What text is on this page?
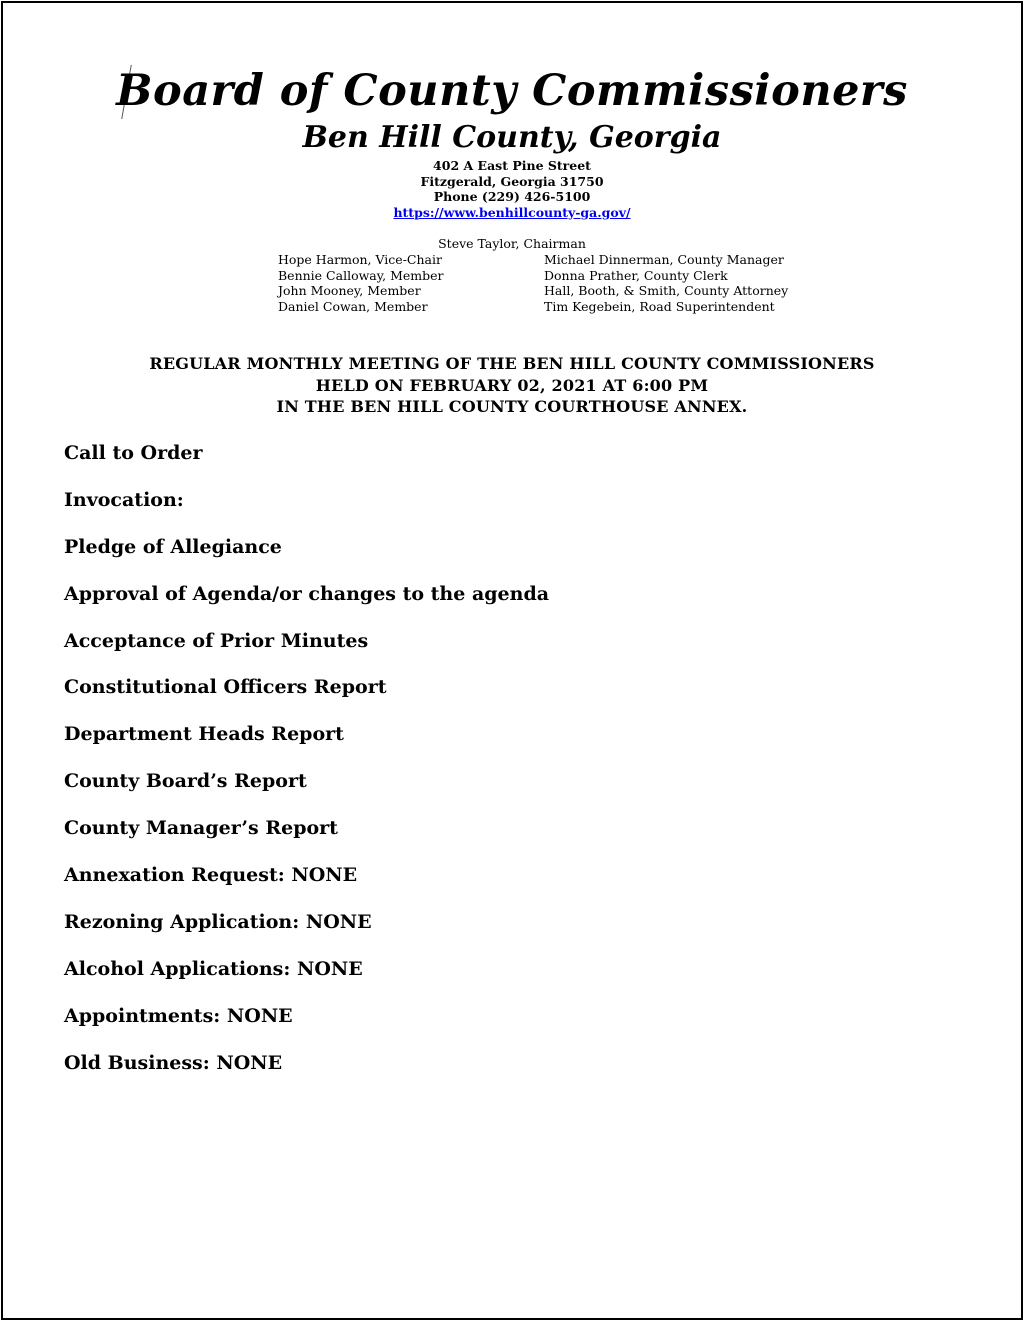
Board of County Commissioners
Ben Hill County, Georgia
402 A East Pine Street
Fitzgerald, Georgia 31750
Phone (229) 426-5100
https://www.benhillcounty-ga.gov/
Steve Taylor, Chairman
Hope Harmon, Vice-Chair
Bennie Calloway, Member
John Mooney, Member
Daniel Cowan, Member
Michael Dinnerman, County Manager
Donna Prather, County Clerk
Hall, Booth, & Smith, County Attorney
Tim Kegebein, Road Superintendent
REGULAR MONTHLY MEETING OF THE BEN HILL COUNTY COMMISSIONERS
HELD ON FEBRUARY 02, 2021 AT 6:00 PM
IN THE BEN HILL COUNTY COURTHOUSE ANNEX.
Call to Order
Invocation:
Pledge of Allegiance
Approval of Agenda/or changes to the agenda
Acceptance of Prior Minutes
Constitutional Officers Report
Department Heads Report
County Board’s Report
County Manager’s Report
Annexation Request: NONE
Rezoning Application: NONE
Alcohol Applications: NONE
Appointments: NONE
Old Business: NONE
